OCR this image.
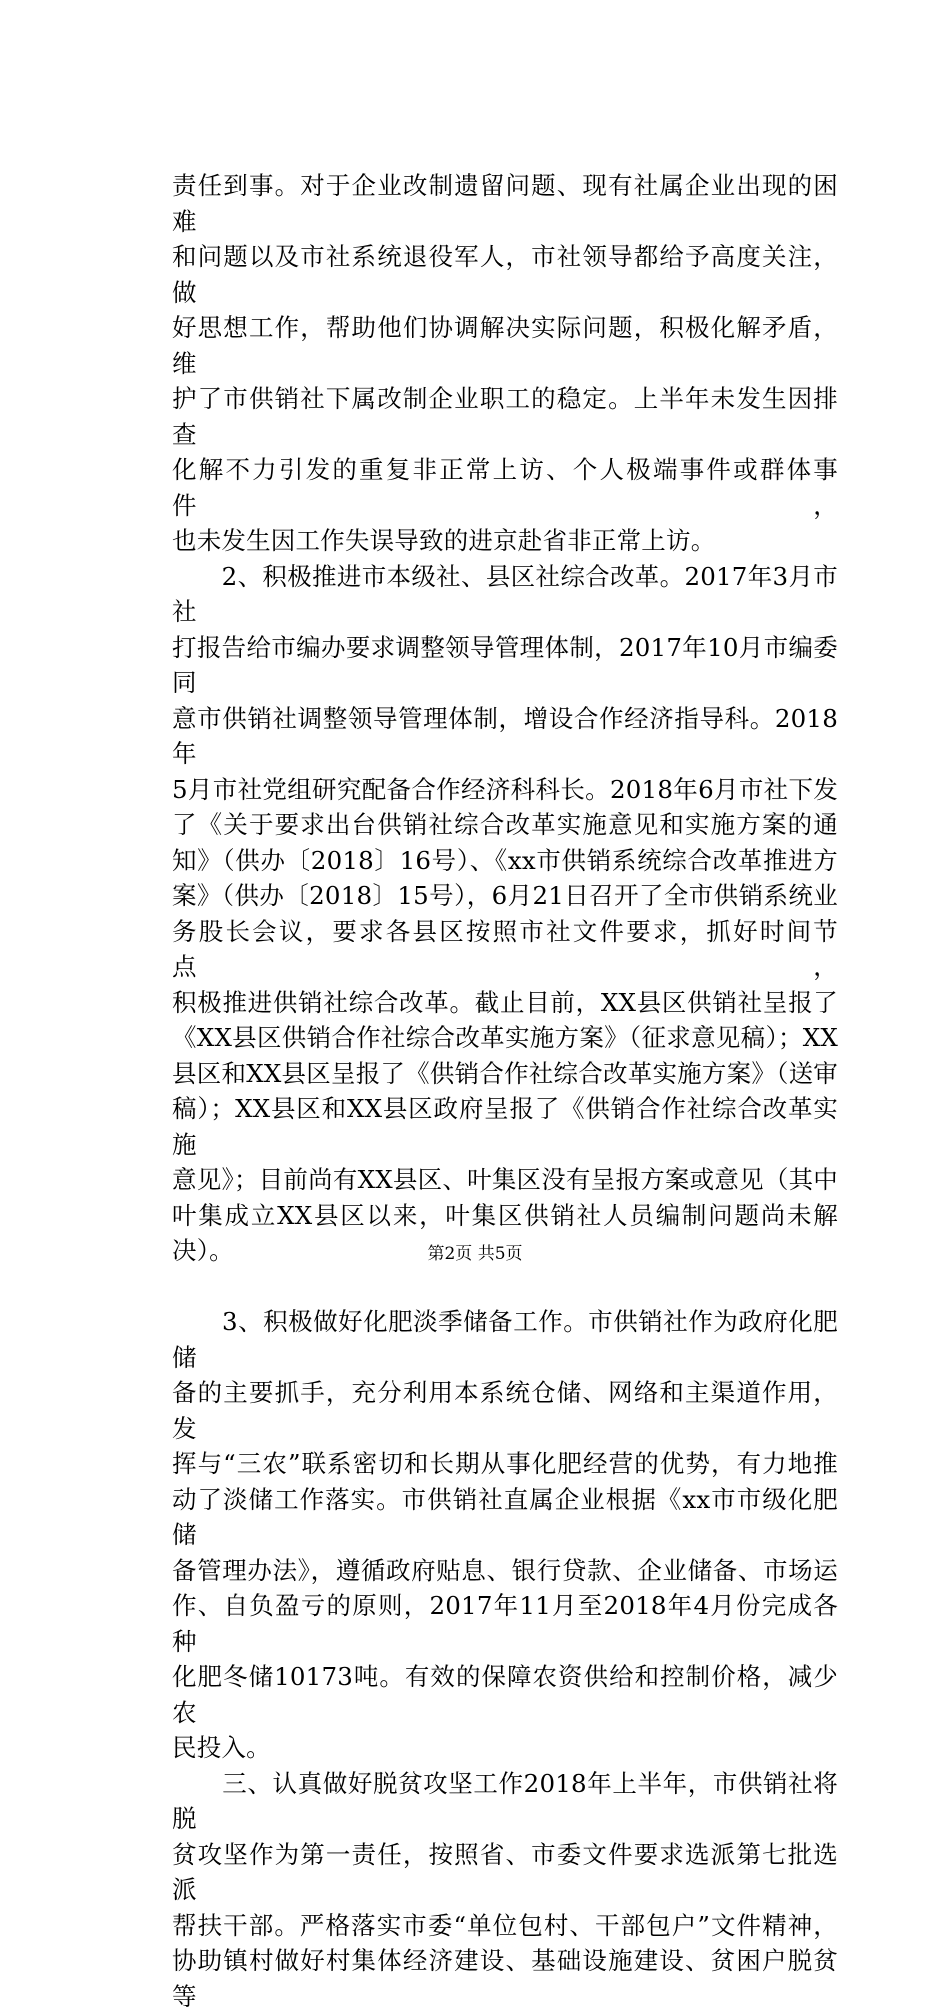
责任到事。对于企业改制遗留问题、现有社属企业出现的困难

和问题以及市社系统退役军人，市社领导都给予高度关注，做

好思想工作，帮助他们协调解决实际问题，积极化解矛盾，维

护了市供销社下属改制企业职工的稳定。上半年未发生因排查

化解不力引发的重复非正常上访、个人极端事件或群体事件，

也未发生因工作失误导致的进京赴省非正常上访。

　　2、积极推进市本级社、县区社综合改革。2017年3月市社

打报告给市编办要求调整领导管理体制，2017年10月市编委同

意市供销社调整领导管理体制，增设合作经济指导科。2018年

5月市社党组研究配备合作经济科科长。2018年6月市社下发

了《关于要求出台供销社综合改革实施意见和实施方案的通

知》（供办〔2018〕16号）、《xx市供销系统综合改革推进方

案》（供办〔2018〕15号），6月21日召开了全市供销系统业

务股长会议，要求各县区按照市社文件要求，抓好时间节点，

积极推进供销社综合改革。截止目前，XX县区供销社呈报了

《XX县区供销合作社综合改革实施方案》（征求意见稿）；XX

县区和XX县区呈报了《供销合作社综合改革实施方案》（送审

稿）；XX县区和XX县区政府呈报了《供销合作社综合改革实施

意见》；目前尚有XX县区、叶集区没有呈报方案或意见（其中

叶集成立XX县区以来，叶集区供销社人员编制问题尚未解决）。

　　3、积极做好化肥淡季储备工作。市供销社作为政府化肥储

备的主要抓手，充分利用本系统仓储、网络和主渠道作用，发

挥与“三农”联系密切和长期从事化肥经营的优势，有力地推

动了淡储工作落实。市供销社直属企业根据《xx市市级化肥储

备管理办法》，遵循政府贴息、银行贷款、企业储备、市场运

作、自负盈亏的原则，2017年11月至2018年4月份完成各种

化肥冬储10173吨。有效的保障农资供给和控制价格，减少农

民投入。

　　三、认真做好脱贫攻坚工作2018年上半年，市供销社将脱

贫攻坚作为第一责任，按照省、市委文件要求选派第七批选派

帮扶干部。严格落实市委“单位包村、干部包户”文件精神，

协助镇村做好村集体经济建设、基础设施建设、贫困户脱贫等

第2页 共5页
